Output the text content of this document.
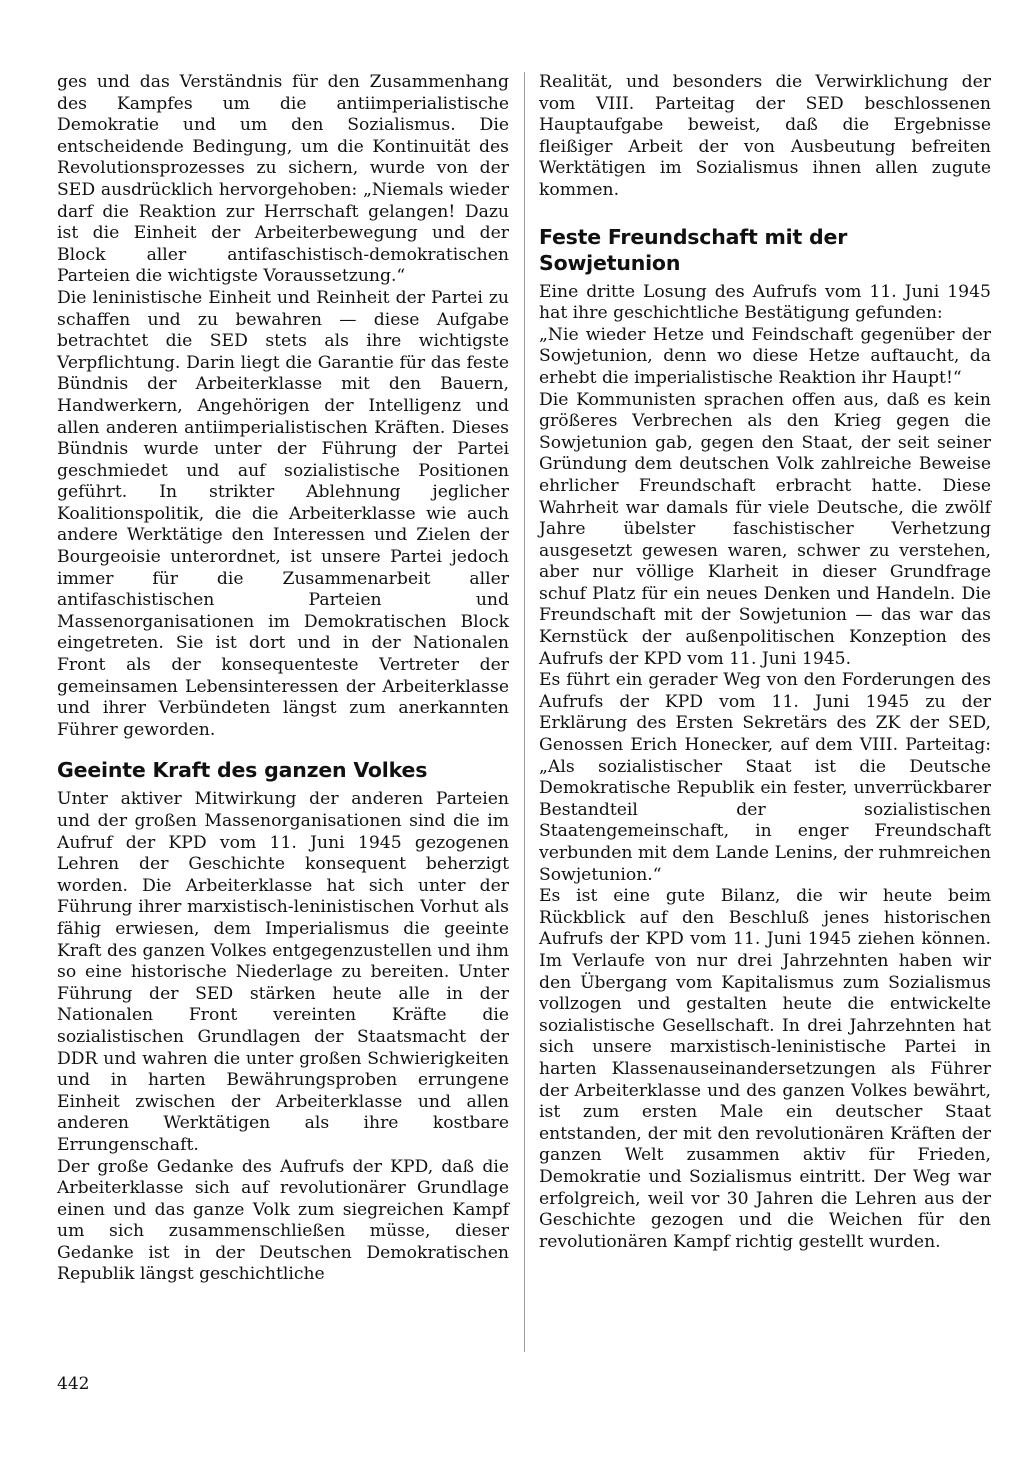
ges und das Verständnis für den Zusammenhang des Kampfes um die antiimperialistische Demokratie und um den Sozialismus. Die entscheidende Bedingung, um die Kontinuität des Revolutionsprozesses zu sichern, wurde von der SED ausdrücklich hervorgehoben: „Niemals wieder darf die Reaktion zur Herrschaft gelangen! Dazu ist die Einheit der Arbeiterbewegung und der Block aller antifaschistisch-demokratischen Parteien die wichtigste Voraussetzung.“

Die leninistische Einheit und Reinheit der Partei zu schaffen und zu bewahren — diese Aufgabe betrachtet die SED stets als ihre wichtigste Verpflichtung. Darin liegt die Garantie für das feste Bündnis der Arbeiterklasse mit den Bauern, Handwerkern, Angehörigen der Intelligenz und allen anderen antiimperialistischen Kräften. Dieses Bündnis wurde unter der Führung der Partei geschmiedet und auf sozialistische Positionen geführt. In strikter Ablehnung jeglicher Koalitionspolitik, die die Arbeiterklasse wie auch andere Werktätige den Interessen und Zielen der Bourgeoisie unterordnet, ist unsere Partei jedoch immer für die Zusammenarbeit aller antifaschistischen Parteien und Massenorganisationen im Demokratischen Block eingetreten. Sie ist dort und in der Nationalen Front als der konsequenteste Vertreter der gemeinsamen Lebensinteressen der Arbeiterklasse und ihrer Verbündeten längst zum anerkannten Führer geworden.

Geeinte Kraft des ganzen Volkes

Unter aktiver Mitwirkung der anderen Parteien und der großen Massenorganisationen sind die im Aufruf der KPD vom 11. Juni 1945 gezogenen Lehren der Geschichte konsequent beherzigt worden. Die Arbeiterklasse hat sich unter der Führung ihrer marxistisch-leninistischen Vorhut als fähig erwiesen, dem Imperialismus die geeinte Kraft des ganzen Volkes entgegenzustellen und ihm so eine historische Niederlage zu bereiten. Unter Führung der SED stärken heute alle in der Nationalen Front vereinten Kräfte die sozialistischen Grundlagen der Staatsmacht der DDR und wahren die unter großen Schwierigkeiten und in harten Bewährungsproben errungene Einheit zwischen der Arbeiterklasse und allen anderen Werktätigen als ihre kostbare Errungenschaft.

Der große Gedanke des Aufrufs der KPD, daß die Arbeiterklasse sich auf revolutionärer Grundlage einen und das ganze Volk zum siegreichen Kampf um sich zusammenschließen müsse, dieser Gedanke ist in der Deutschen Demokratischen Republik längst geschichtliche

Realität, und besonders die Verwirklichung der vom VIII. Parteitag der SED beschlossenen Hauptaufgabe beweist, daß die Ergebnisse fleißiger Arbeit der von Ausbeutung befreiten Werktätigen im Sozialismus ihnen allen zugute kommen.

Feste Freundschaft mit der Sowjetunion

Eine dritte Losung des Aufrufs vom 11. Juni 1945 hat ihre geschichtliche Bestätigung gefunden:

„Nie wieder Hetze und Feindschaft gegenüber der Sowjetunion, denn wo diese Hetze auftaucht, da erhebt die imperialistische Reaktion ihr Haupt!“

Die Kommunisten sprachen offen aus, daß es kein größeres Verbrechen als den Krieg gegen die Sowjetunion gab, gegen den Staat, der seit seiner Gründung dem deutschen Volk zahlreiche Beweise ehrlicher Freundschaft erbracht hatte. Diese Wahrheit war damals für viele Deutsche, die zwölf Jahre übelster faschistischer Verhetzung ausgesetzt gewesen waren, schwer zu verstehen, aber nur völlige Klarheit in dieser Grundfrage schuf Platz für ein neues Denken und Handeln. Die Freundschaft mit der Sowjetunion — das war das Kernstück der außenpolitischen Konzeption des Aufrufs der KPD vom 11. Juni 1945.

Es führt ein gerader Weg von den Forderungen des Aufrufs der KPD vom 11. Juni 1945 zu der Erklärung des Ersten Sekretärs des ZK der SED, Genossen Erich Honecker, auf dem VIII. Parteitag: „Als sozialistischer Staat ist die Deutsche Demokratische Republik ein fester, unverrückbarer Bestandteil der sozialistischen Staatengemeinschaft, in enger Freundschaft verbunden mit dem Lande Lenins, der ruhmreichen Sowjetunion.“

Es ist eine gute Bilanz, die wir heute beim Rückblick auf den Beschluß jenes historischen Aufrufs der KPD vom 11. Juni 1945 ziehen können. Im Verlaufe von nur drei Jahrzehnten haben wir den Übergang vom Kapitalismus zum Sozialismus vollzogen und gestalten heute die entwickelte sozialistische Gesellschaft. In drei Jahrzehnten hat sich unsere marxistisch-leninistische Partei in harten Klassenauseinandersetzungen als Führer der Arbeiterklasse und des ganzen Volkes bewährt, ist zum ersten Male ein deutscher Staat entstanden, der mit den revolutionären Kräften der ganzen Welt zusammen aktiv für Frieden, Demokratie und Sozialismus eintritt. Der Weg war erfolgreich, weil vor 30 Jahren die Lehren aus der Geschichte gezogen und die Weichen für den revolutionären Kampf richtig gestellt wurden.

442
